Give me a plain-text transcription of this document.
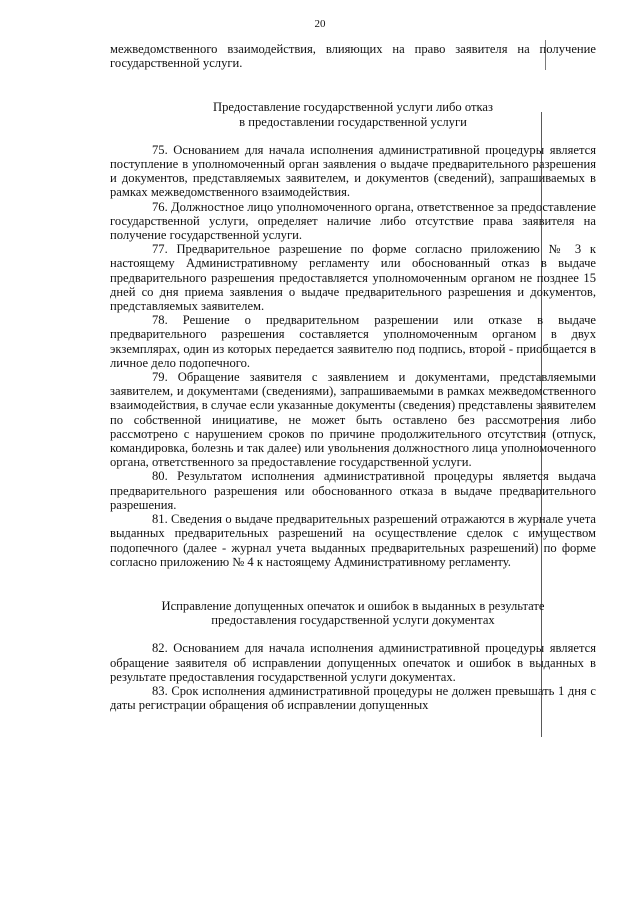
20

межведомственного взаимодействия, влияющих на право заявителя на получение государственной услуги.

Предоставление государственной услуги либо отказ

в предоставлении государственной услуги

75. Основанием для начала исполнения административной процедуры является поступление в уполномоченный орган заявления о выдаче предварительного разрешения и документов, представляемых заявителем, и документов (сведений), запрашиваемых в рамках межведомственного взаимодействия.

76. Должностное лицо уполномоченного органа, ответственное за предоставление государственной услуги, определяет наличие либо отсутствие права заявителя на получение государственной услуги.

77. Предварительное разрешение по форме согласно приложению № 3 к настоящему Административному регламенту или обоснованный отказ в выдаче предварительного разрешения предоставляется уполномоченным органом не позднее 15 дней со дня приема заявления о выдаче предварительного разрешения и документов, представляемых заявителем.

78. Решение о предварительном разрешении или отказе в выдаче предварительного разрешения составляется уполномоченным органом в двух экземплярах, один из которых передается заявителю под подпись, второй - приобщается в личное дело подопечного.

79. Обращение заявителя с заявлением и документами, представляемыми заявителем, и документами (сведениями), запрашиваемыми в рамках межведомственного взаимодействия, в случае если указанные документы (сведения) представлены заявителем по собственной инициативе, не может быть оставлено без рассмотрения либо рассмотрено с нарушением сроков по причине продолжительного отсутствия (отпуск, командировка, болезнь и так далее) или увольнения должностного лица уполномоченного органа, ответственного за предоставление государственной услуги.

80. Результатом исполнения административной процедуры является выдача предварительного разрешения или обоснованного отказа в выдаче предварительного разрешения.

81. Сведения о выдаче предварительных разрешений отражаются в журнале учета выданных предварительных разрешений на осуществление сделок с имуществом подопечного (далее - журнал учета выданных предварительных разрешений) по форме согласно приложению № 4 к настоящему Административному регламенту.

Исправление допущенных опечаток и ошибок в выданных в результате

предоставления государственной услуги документах

82. Основанием для начала исполнения административной процедуры является обращение заявителя об исправлении допущенных опечаток и ошибок в выданных в результате предоставления государственной услуги документах.

83. Срок исполнения административной процедуры не должен превышать 1 дня с даты регистрации обращения об исправлении допущенных
